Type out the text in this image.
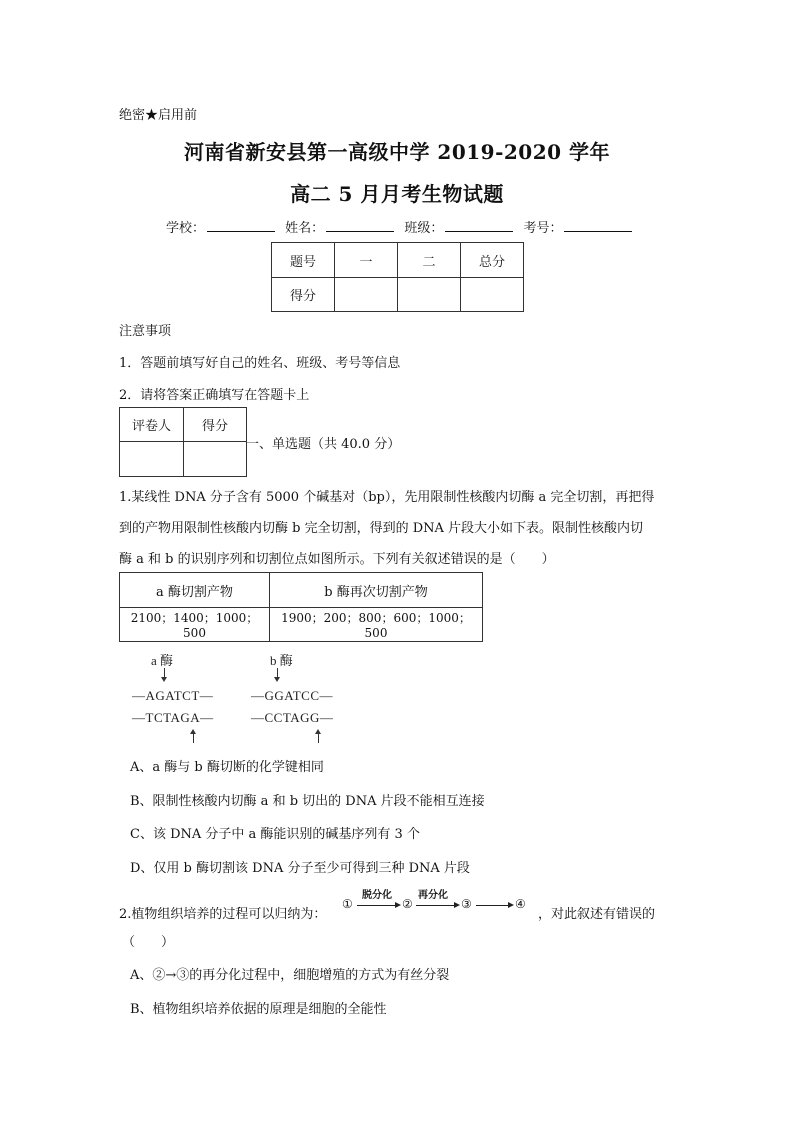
绝密★启用前
河南省新安县第一高级中学 2019-2020 学年
高二 5 月月考生物试题
学校：	姓名：	班级：	考号：
题号	一	二	总分
得分			
注意事项
1．答题前填写好自己的姓名、班级、考号等信息
2．请将答案正确填写在答题卡上
评卷人	得分

一、单选题（共 40.0 分）
1.某线性 DNA 分子含有 5000 个碱基对（bp），先用限制性核酸内切酶 a 完全切割，再把得
到的产物用限制性核酸内切酶 b 完全切割，得到的 DNA 片段大小如下表。限制性核酸内切
酶 a 和 b 的识别序列和切割位点如图所示。下列有关叙述错误的是（　　）
a 酶切割产物	b 酶再次切割产物
2100；1400；1000；500	1900；200；800；600；1000；500
a 酶
—AGATCT—
—TCTAGA—
b 酶
—GGATCC—
—CCTAGG—
A、a 酶与 b 酶切断的化学键相同
B、限制性核酸内切酶 a 和 b 切出的 DNA 片段不能相互连接
C、该 DNA 分子中 a 酶能识别的碱基序列有 3 个
D、仅用 b 酶切割该 DNA 分子至少可得到三种 DNA 片段
2.植物组织培养的过程可以归纳为：
①
脱分化
②
再分化
③	④
，对此叙述有错误的
（　　）
A、②→③的再分化过程中，细胞增殖的方式为有丝分裂
B、植物组织培养依据的原理是细胞的全能性
